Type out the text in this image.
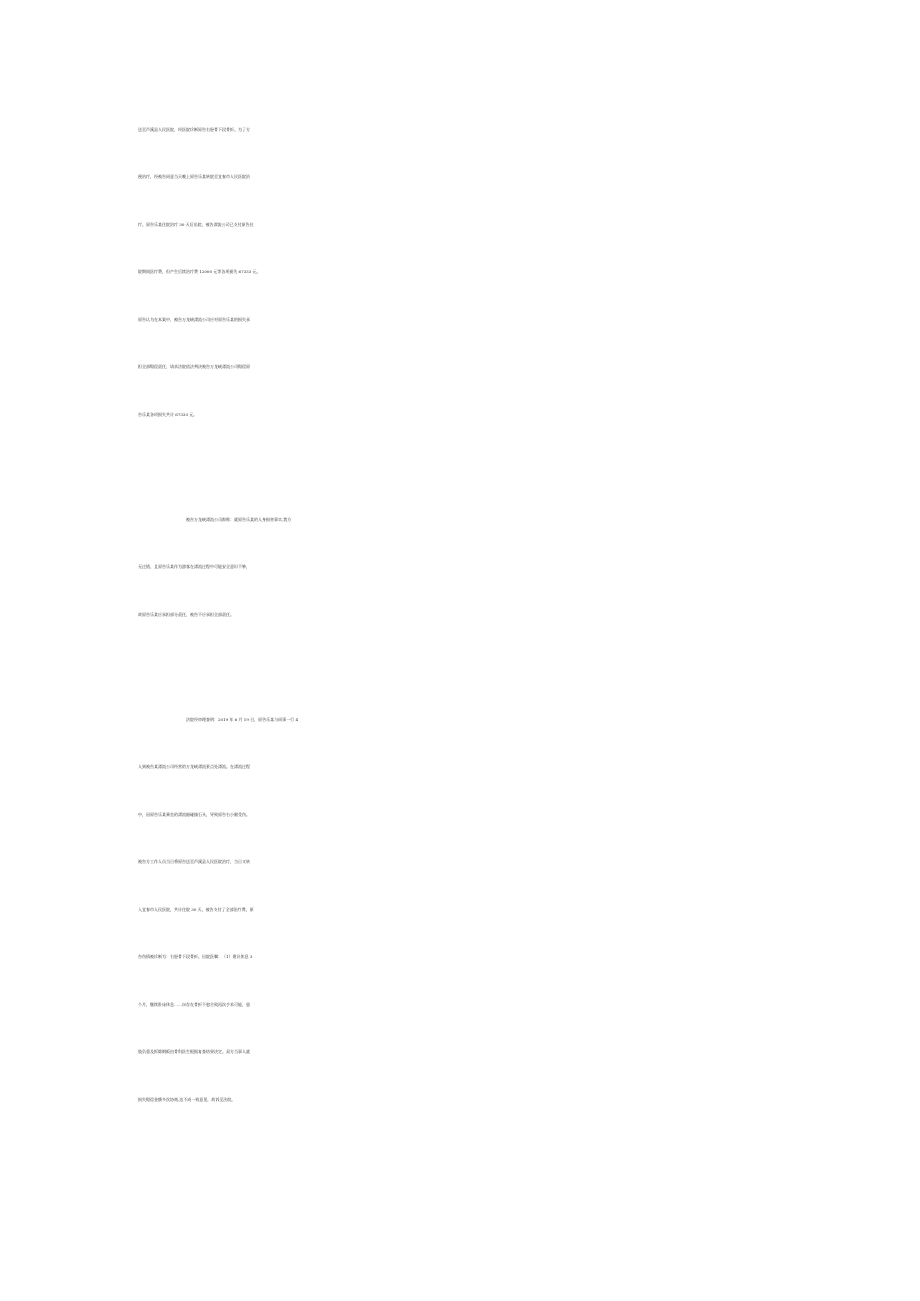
送至芦溪县人民医院，经医院诊断原告右胫骨下段骨折。为了方

便治疗，经被告同意当天晚上原告乐某转院至宜春市人民医院治

疗。原告乐某住院治疗 30 天后出院，被告漂流公司已支付原告住

院期间医疗费，但产生后续治疗费 12000 元等各项损失 67333 元。

原告认为在本案中，被告万龙峡漂流公司应对原告乐某的损失承

担全部赔偿责任，请求法院依法判决被告万龙峡漂流公司赔偿原

告乐某各项损失共计 67333 元。

被告万龙峡漂流公司辩称：就原告乐某的人身损害事实,我方

无过错，且原告乐某作为游客在漂流过程中可能安全意识不够，

故原告乐某应承担部分责任，被告不应承担全部责任。

法院经审理查明：2019 年 6 月 19 日，原告乐某与同事一行 4

人到被告某漂流公司经营的万龙峡漂流景点处漂流。在漂流过程

中，因原告乐某乘坐的漂流船碰撞石头，导致原告右小腿受伤。

被告方工作人员当日将原告送至芦溪县人民医院治疗，当日又转

入宜春市人民医院，共计住院 30 天，被告支付了全部治疗费。原

告伤情被诊断为：右胫骨下段骨折。出院医嘱：（1）建议休息 3

个月，继续卧床休息……⑸存在骨折不愈合致再次手术可能，患

肢负重及拆除钢板由骨科医生根据复查结果决定。双方当事人就

损失赔偿金额多次协商,达不成一致意见，故诉至法院。
